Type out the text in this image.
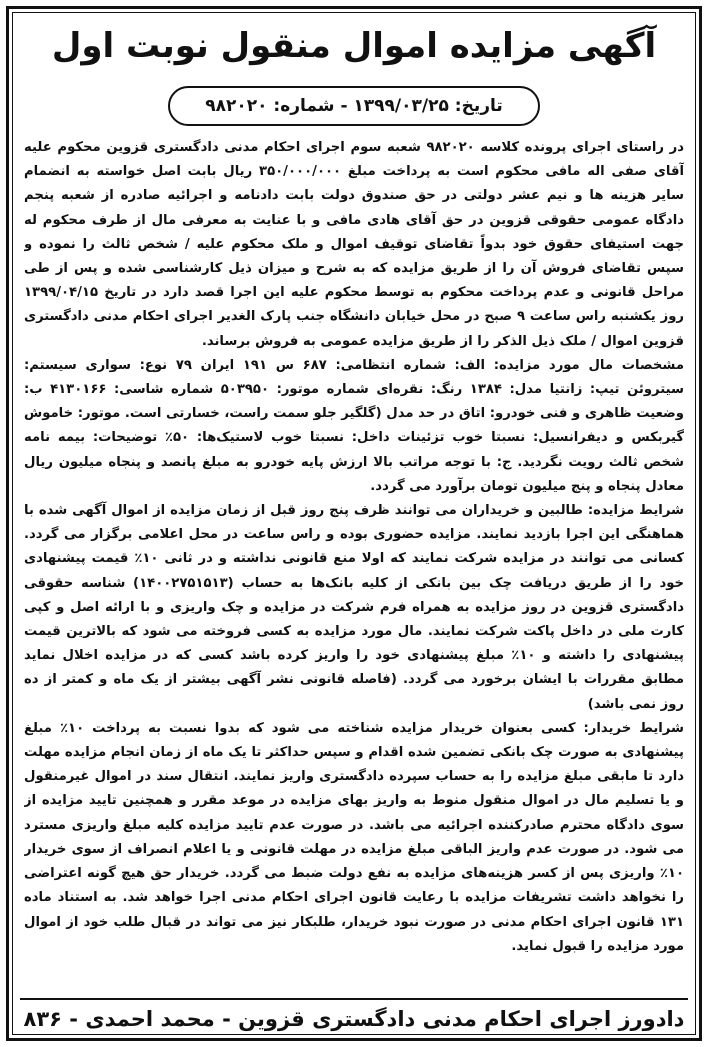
آگهی مزایده اموال منقول نوبت اول
تاریخ: ۱۳۹۹/۰۳/۲۵ - شماره: ۹۸۲۰۲۰

در راستای اجرای پرونده کلاسه ۹۸۲۰۲۰ شعبه سوم اجرای احکام مدنی دادگستری قزوین محکوم علیه آقای صفی اله مافی محکوم است به پرداخت مبلغ ۳۵۰/۰۰۰/۰۰۰ ریال بابت اصل خواسته به انضمام سایر هزینه ها و نیم عشر دولتی در حق صندوق دولت بابت دادنامه و اجرائیه صادره از شعبه پنجم دادگاه عمومی حقوقی قزوین در حق آقای هادی مافی و با عنایت به معرفی مال از طرف محکوم له جهت استیفای حقوق خود بدواً تقاضای توقیف اموال و ملک محکوم علیه / شخص ثالث را نموده و سپس تقاضای فروش آن را از طریق مزایده که به شرح و میزان ذیل کارشناسی شده و پس از طی مراحل قانونی و عدم پرداخت محکوم به توسط محکوم علیه این اجرا قصد دارد در تاریخ ۱۳۹۹/۰۴/۱۵ روز یکشنبه راس ساعت ۹ صبح در محل خیابان دانشگاه جنب پارک الغدیر اجرای احکام مدنی دادگستری قزوین اموال / ملک ذیل الذکر را از طریق مزایده عمومی به فروش برساند.

مشخصات مال مورد مزایده: الف: شماره انتظامی: ۶۸۷ س ۱۹۱ ایران ۷۹ نوع: سواری سیستم: سیتروئن تیپ: زانتیا مدل: ۱۳۸۴ رنگ: نقره‌ای شماره موتور: ۵۰۳۹۵۰ شماره شاسی: ۴۱۳۰۱۶۶ ب: وضعیت ظاهری و فنی خودرو: اتاق در حد مدل (گلگیر جلو سمت راست، خسارتی است. موتور: خاموش گیربکس و دیفرانسیل: نسبتا خوب تزئینات داخل: نسبتا خوب لاستیک‌ها: ۵۰٪ توضیحات: بیمه نامه شخص ثالث رویت نگردید. ج: با توجه مراتب بالا ارزش پایه خودرو به مبلغ پانصد و پنجاه میلیون ریال معادل پنجاه و پنج میلیون تومان برآورد می گردد.

شرایط مزایده: طالبین و خریداران می توانند ظرف پنج روز قبل از زمان مزایده از اموال آگهی شده با هماهنگی این اجرا بازدید نمایند. مزایده حضوری بوده و راس ساعت در محل اعلامی برگزار می گردد. کسانی می توانند در مزایده شرکت نمایند که اولا منع قانونی نداشته و در ثانی ۱۰٪ قیمت پیشنهادی خود را از طریق دریافت چک بین بانکی از کلیه بانک‌ها به حساب (۱۴۰۰۲۷۵۱۵۱۳) شناسه حقوقی دادگستری قزوین در روز مزایده به همراه فرم شرکت در مزایده و چک واریزی و با ارائه اصل و کپی کارت ملی در داخل پاکت شرکت نمایند. مال مورد مزایده به کسی فروخته می شود که بالاترین قیمت پیشنهادی را داشته و ۱۰٪ مبلغ پیشنهادی خود را واریز کرده باشد کسی که در مزایده اخلال نماید مطابق مقررات با ایشان برخورد می گردد. (فاصله قانونی نشر آگهی بیشتر از یک ماه و کمتر از ده روز نمی باشد)

شرایط خریدار: کسی بعنوان خریدار مزایده شناخته می شود که بدوا نسبت به پرداخت ۱۰٪ مبلغ پیشنهادی به صورت چک بانکی تضمین شده اقدام و سپس حداکثر تا یک ماه از زمان انجام مزایده مهلت دارد تا مابقی مبلغ مزایده را به حساب سپرده دادگستری واریز نمایند. انتقال سند در اموال غیرمنقول و یا تسلیم مال در اموال منقول منوط به واریز بهای مزایده در موعد مقرر و همچنین تایید مزایده از سوی دادگاه محترم صادرکننده اجرائیه می باشد. در صورت عدم تایید مزایده کلیه مبلغ واریزی مسترد می شود. در صورت عدم واریز الباقی مبلغ مزایده در مهلت قانونی و یا اعلام انصراف از سوی خریدار ۱۰٪ واریزی پس از کسر هزینه‌های مزایده به نفع دولت ضبط می گردد. خریدار حق هیچ گونه اعتراضی را نخواهد داشت تشریفات مزایده با رعایت قانون اجرای احکام مدنی اجرا خواهد شد. به استناد ماده ۱۳۱ قانون اجرای احکام مدنی در صورت نبود خریدار، طلبکار نیز می تواند در قبال طلب خود از اموال مورد مزایده را قبول نماید.

دادورز اجرای احکام مدنی دادگستری قزوین - محمد احمدی - ۸۳۶
